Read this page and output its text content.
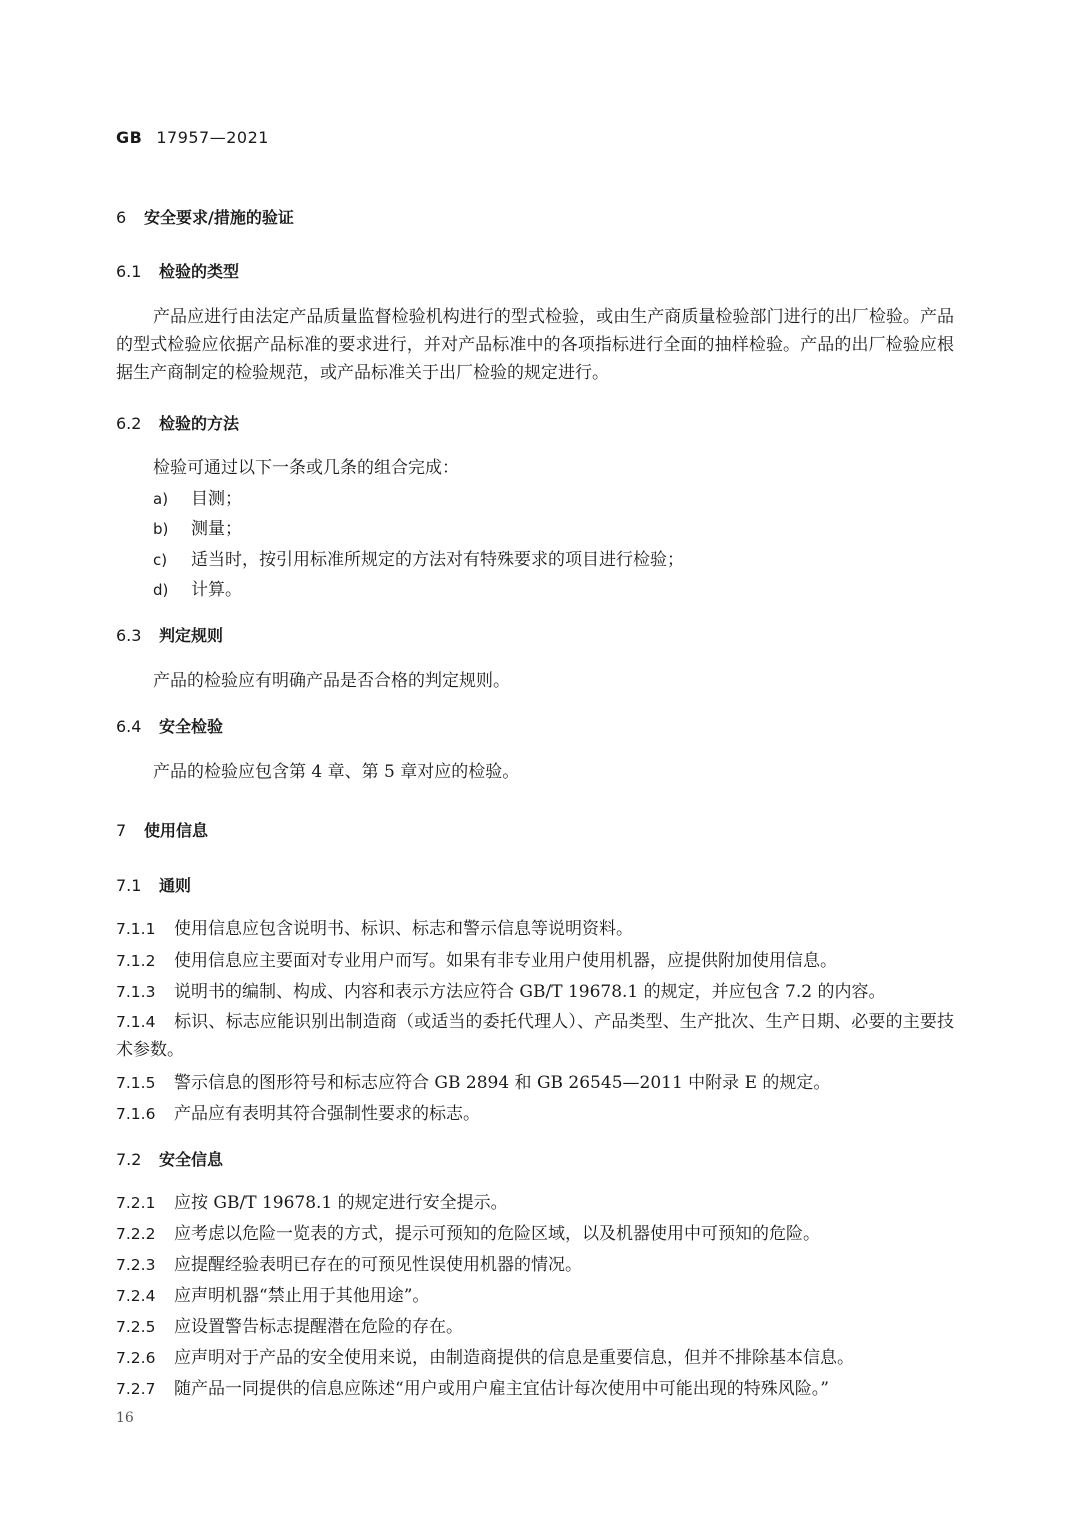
GB 17957—2021
6 安全要求/措施的验证
6.1 检验的类型
产品应进行由法定产品质量监督检验机构进行的型式检验，或由生产商质量检验部门进行的出厂检验。产品的型式检验应依据产品标准的要求进行，并对产品标准中的各项指标进行全面的抽样检验。产品的出厂检验应根据生产商制定的检验规范，或产品标准关于出厂检验的规定进行。
6.2 检验的方法
检验可通过以下一条或几条的组合完成：
a) 目测；
b) 测量；
c) 适当时，按引用标准所规定的方法对有特殊要求的项目进行检验；
d) 计算。
6.3 判定规则
产品的检验应有明确产品是否合格的判定规则。
6.4 安全检验
产品的检验应包含第 4 章、第 5 章对应的检验。
7 使用信息
7.1 通则
7.1.1 使用信息应包含说明书、标识、标志和警示信息等说明资料。
7.1.2 使用信息应主要面对专业用户而写。如果有非专业用户使用机器，应提供附加使用信息。
7.1.3 说明书的编制、构成、内容和表示方法应符合 GB/T 19678.1 的规定，并应包含 7.2 的内容。
7.1.4 标识、标志应能识别出制造商（或适当的委托代理人）、产品类型、生产批次、生产日期、必要的主要技术参数。
7.1.5 警示信息的图形符号和标志应符合 GB 2894 和 GB 26545—2011 中附录 E 的规定。
7.1.6 产品应有表明其符合强制性要求的标志。
7.2 安全信息
7.2.1 应按 GB/T 19678.1 的规定进行安全提示。
7.2.2 应考虑以危险一览表的方式，提示可预知的危险区域，以及机器使用中可预知的危险。
7.2.3 应提醒经验表明已存在的可预见性误使用机器的情况。
7.2.4 应声明机器“禁止用于其他用途”。
7.2.5 应设置警告标志提醒潜在危险的存在。
7.2.6 应声明对于产品的安全使用来说，由制造商提供的信息是重要信息，但并不排除基本信息。
7.2.7 随产品一同提供的信息应陈述“用户或用户雇主宜估计每次使用中可能出现的特殊风险。”
16
